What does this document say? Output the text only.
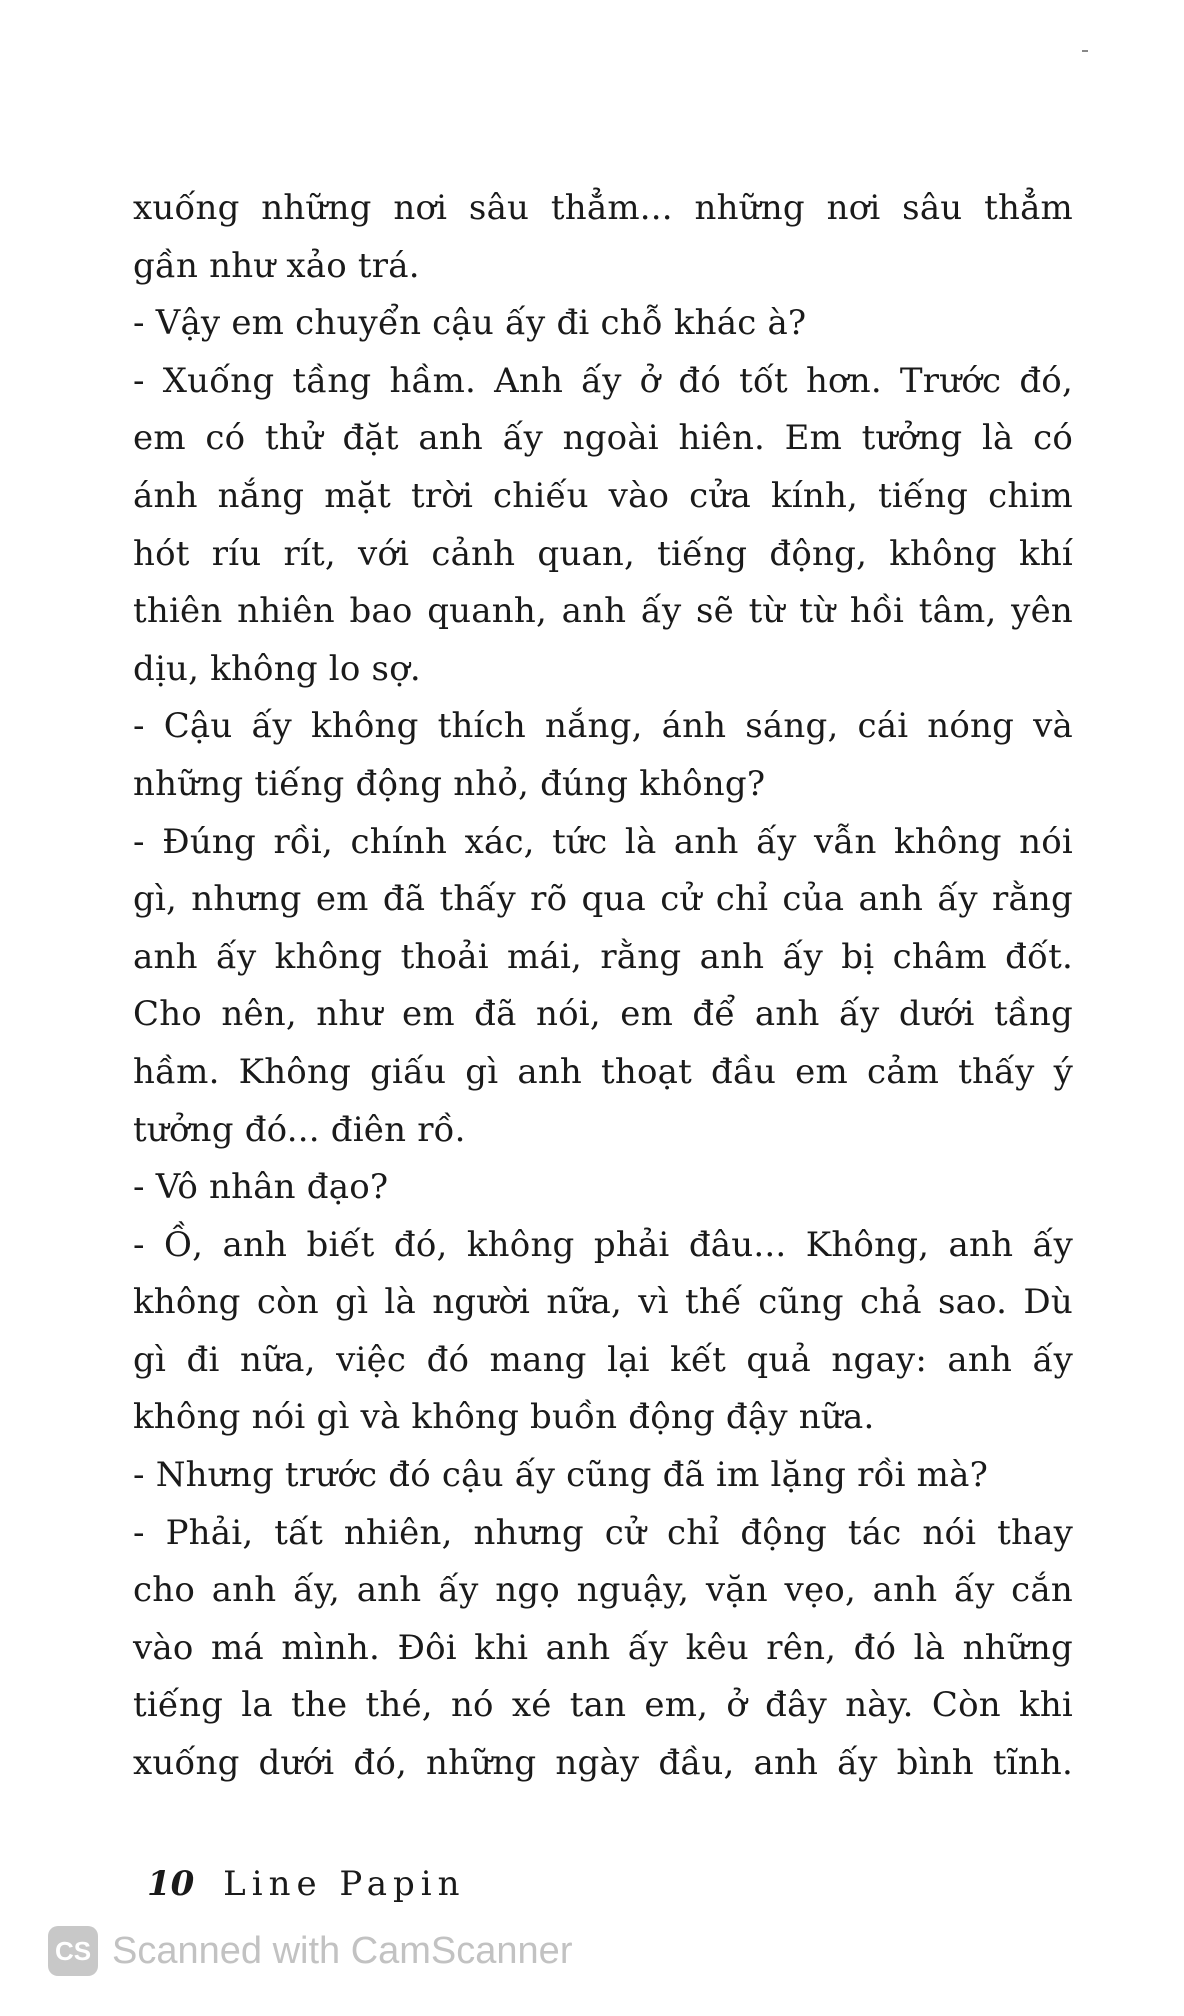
xuống những nơi sâu thẳm... những nơi sâu thẳm
gần như xảo trá.
- Vậy em chuyển cậu ấy đi chỗ khác à?
- Xuống tầng hầm. Anh ấy ở đó tốt hơn. Trước đó,
em có thử đặt anh ấy ngoài hiên. Em tưởng là có
ánh nắng mặt trời chiếu vào cửa kính, tiếng chim
hót ríu rít, với cảnh quan, tiếng động, không khí
thiên nhiên bao quanh, anh ấy sẽ từ từ hồi tâm, yên
dịu, không lo sợ.
- Cậu ấy không thích nắng, ánh sáng, cái nóng và
những tiếng động nhỏ, đúng không?
- Đúng rồi, chính xác, tức là anh ấy vẫn không nói
gì, nhưng em đã thấy rõ qua cử chỉ của anh ấy rằng
anh ấy không thoải mái, rằng anh ấy bị châm đốt.
Cho nên, như em đã nói, em để anh ấy dưới tầng
hầm. Không giấu gì anh thoạt đầu em cảm thấy ý
tưởng đó... điên rồ.
- Vô nhân đạo?
- Ồ, anh biết đó, không phải đâu... Không, anh ấy
không còn gì là người nữa, vì thế cũng chả sao. Dù
gì đi nữa, việc đó mang lại kết quả ngay: anh ấy
không nói gì và không buồn động đậy nữa.
- Nhưng trước đó cậu ấy cũng đã im lặng rồi mà?
- Phải, tất nhiên, nhưng cử chỉ động tác nói thay
cho anh ấy, anh ấy ngọ nguậy, vặn vẹo, anh ấy cắn
vào má mình. Đôi khi anh ấy kêu rên, đó là những
tiếng la the thé, nó xé tan em, ở đây này. Còn khi
xuống dưới đó, những ngày đầu, anh ấy bình tĩnh.
10 Line Papin
CS Scanned with CamScanner
